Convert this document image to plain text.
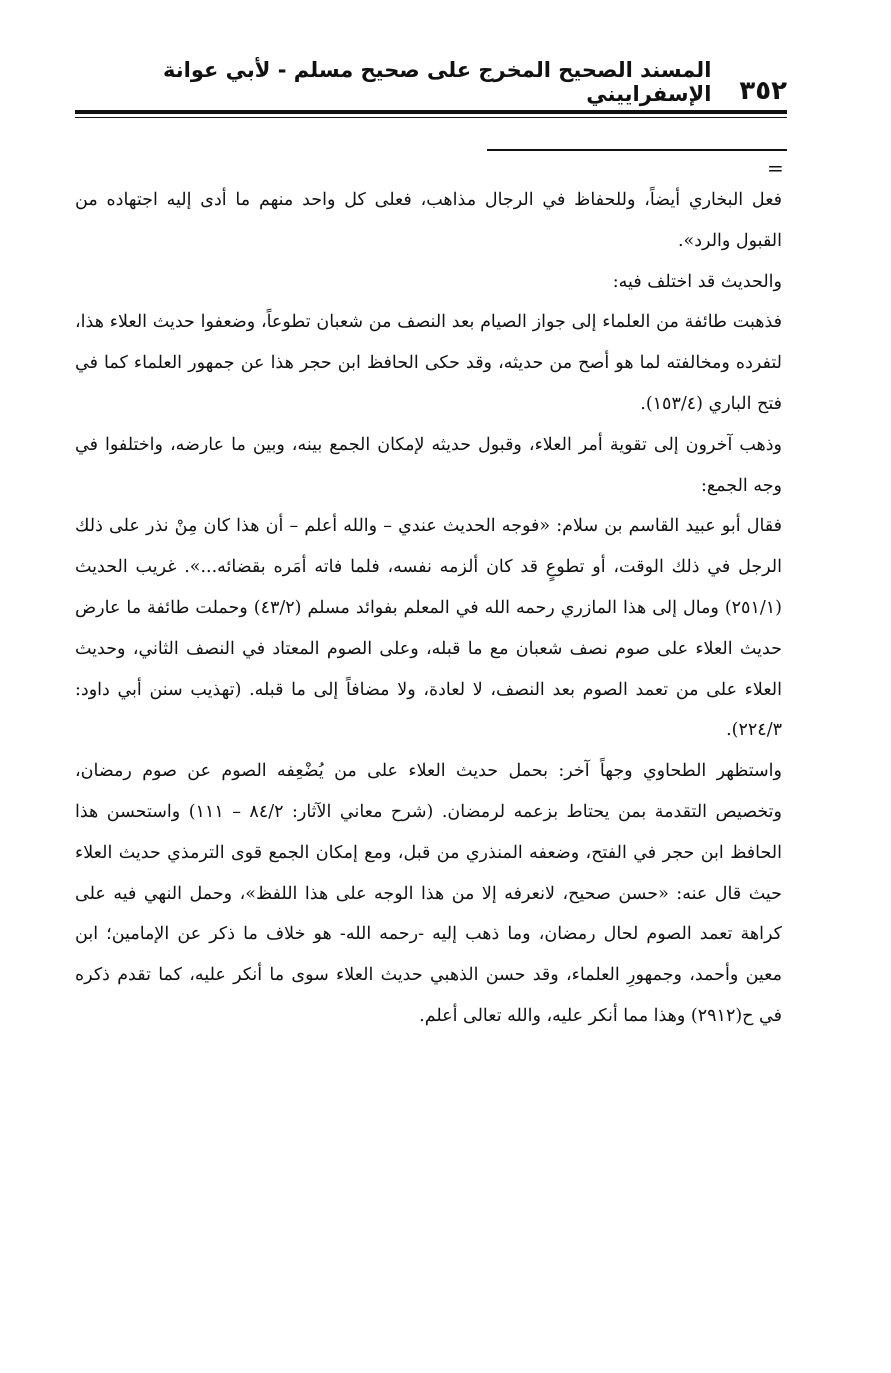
٣٥٢
المسند الصحيح المخرج على صحيح مسلم - لأبي عوانة الإسفراييني
=

فعل البخاري أيضاً، وللحفاظ في الرجال مذاهب، فعلى كل واحد منهم ما أدى إليه اجتهاده من القبول والرد».

والحديث قد اختلف فيه:

فذهبت طائفة من العلماء إلى جواز الصيام بعد النصف من شعبان تطوعاً، وضعفوا حديث العلاء هذا، لتفرده ومخالفته لما هو أصح من حديثه، وقد حكى الحافظ ابن حجر هذا عن جمهور العلماء كما في فتح الباري (١٥٣/٤).

وذهب آخرون إلى تقوية أمر العلاء، وقبول حديثه لإمكان الجمع بينه، وبين ما عارضه، واختلفوا في وجه الجمع:

فقال أبو عبيد القاسم بن سلام: «فوجه الحديث عندي – والله أعلم – أن هذا كان مِنْ نذر على ذلك الرجل في ذلك الوقت، أو تطوعٍ قد كان ألزمه نفسه، فلما فاته أمَره بقضائه...». غريب الحديث (٢٥١/١) ومال إلى هذا المازري رحمه الله في المعلم بفوائد مسلم (٤٣/٢) وحملت طائفة ما عارض حديث العلاء على صوم نصف شعبان مع ما قبله، وعلى الصوم المعتاد في النصف الثاني، وحديث العلاء على من تعمد الصوم بعد النصف، لا لعادة، ولا مضافاً إلى ما قبله. (تهذيب سنن أبي داود: ٢٢٤/٣).

واستظهر الطحاوي وجهاً آخر: بحمل حديث العلاء على من يُضْعِفه الصوم عن صوم رمضان، وتخصيص التقدمة بمن يحتاط بزعمه لرمضان. (شرح معاني الآثار: ٨٤/٢ – ١١١) واستحسن هذا الحافظ ابن حجر في الفتح، وضعفه المنذري من قبل، ومع إمكان الجمع قوى الترمذي حديث العلاء حيث قال عنه: «حسن صحيح، لانعرفه إلا من هذا الوجه على هذا اللفظ»، وحمل النهي فيه على كراهة تعمد الصوم لحال رمضان، وما ذهب إليه -رحمه الله- هو خلاف ما ذكر عن الإمامين؛ ابن معين وأحمد، وجمهورِ العلماء، وقد حسن الذهبي حديث العلاء سوى ما أنكر عليه، كما تقدم ذكره في ح(٢٩١٢) وهذا مما أنكر عليه، والله تعالى أعلم.
